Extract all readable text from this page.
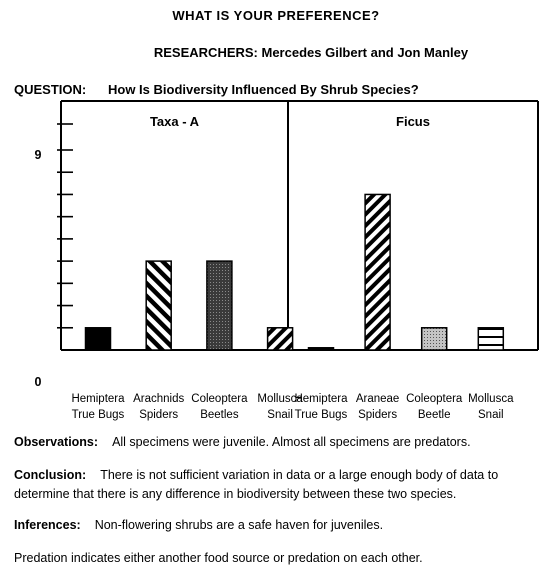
WHAT IS YOUR PREFERENCE?
RESEARCHERS: Mercedes Gilbert and Jon Manley
QUESTION: How Is Biodiversity Influenced By Shrub Species?
0
9
Taxa - A
Hemiptera
True Bugs
Arachnids
Spiders
Coleoptera
Beetles
Mollusca
Snail
Ficus
Hemiptera
True Bugs
Araneae
Spiders
Coleoptera
Beetle
Mollusca
Snail
Observations: All specimens were juvenile. Almost all specimens are predators.
Conclusion: There is not sufficient variation in data or a large enough body of data to determine that there is any difference in biodiversity between these two species.
Inferences: Non-flowering shrubs are a safe haven for juveniles.
Predation indicates either another food source or predation on each other.
